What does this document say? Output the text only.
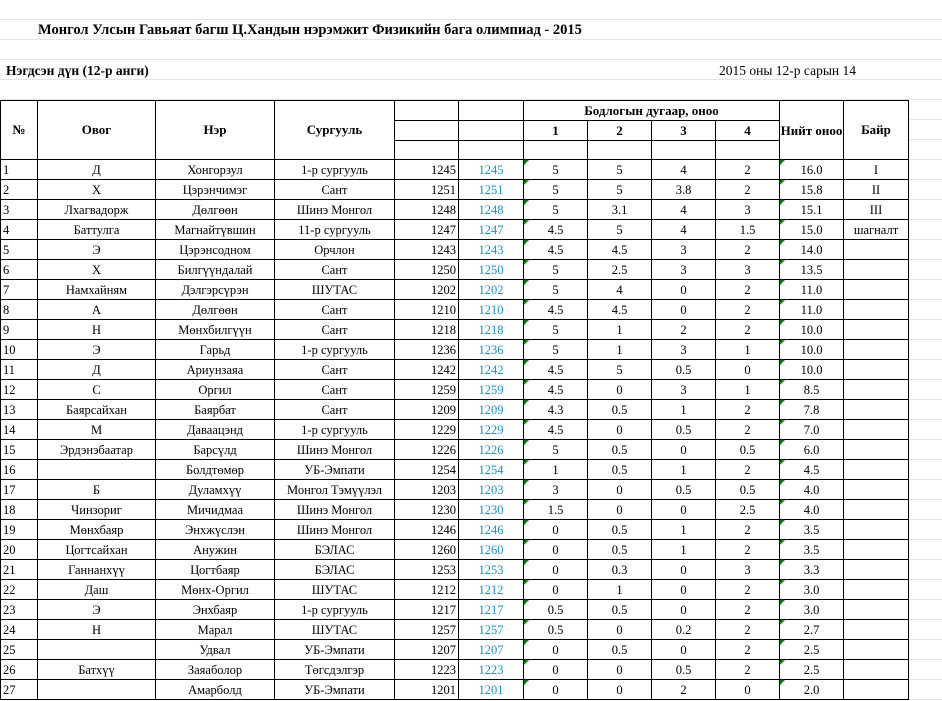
Монгол Улсын Гавьяат багш Ц.Хандын нэрэмжит Физикийн бага олимпиад - 2015
Нэгдсэн дүн (12-р анги)	2015 оны 12-р сарын 14
№	Овог	Нэр	Сургууль			Бодлогын дугаар, оноо				Нийт оноо	Байр
						1	2	3	4		

1	Д	Хонгорзул	1-р сургууль	1245	1245	5	5	4	2	16.0	I
2	Х	Цэрэнчимэг	Сант	1251	1251	5	5	3.8	2	15.8	II
3	Лхагвадорж	Дөлгөөн	Шинэ Монгол	1248	1248	5	3.1	4	3	15.1	III
4	Баттулга	Магнайтүвшин	11-р сургууль	1247	1247	4.5	5	4	1.5	15.0	шагналт
5	Э	Цэрэнсодном	Орчлон	1243	1243	4.5	4.5	3	2	14.0	
6	Х	Билгүүндалай	Сант	1250	1250	5	2.5	3	3	13.5	
7	Намхайням	Дэлгэрсүрэн	ШУТАС	1202	1202	5	4	0	2	11.0	
8	А	Дөлгөөн	Сант	1210	1210	4.5	4.5	0	2	11.0	
9	Н	Мөнхбилгүүн	Сант	1218	1218	5	1	2	2	10.0	
10	Э	Гарьд	1-р сургууль	1236	1236	5	1	3	1	10.0	
11	Д	Ариунзаяа	Сант	1242	1242	4.5	5	0.5	0	10.0	
12	С	Оргил	Сант	1259	1259	4.5	0	3	1	8.5	
13	Баярсайхан	Баярбат	Сант	1209	1209	4.3	0.5	1	2	7.8	
14	М	Даваацэнд	1-р сургууль	1229	1229	4.5	0	0.5	2	7.0	
15	Эрдэнэбаатар	Барсүлд	Шинэ Монгол	1226	1226	5	0.5	0	0.5	6.0	
16		Болдтөмөр	УБ-Эмпати	1254	1254	1	0.5	1	2	4.5	
17	Б	Дуламхүү	Монгол Тэмүүлэл	1203	1203	3	0	0.5	0.5	4.0	
18	Чинзориг	Мичидмаа	Шинэ Монгол	1230	1230	1.5	0	0	2.5	4.0	
19	Мөнхбаяр	Энхжүслэн	Шинэ Монгол	1246	1246	0	0.5	1	2	3.5	
20	Цогтсайхан	Анужин	БЭЛАС	1260	1260	0	0.5	1	2	3.5	
21	Ганнанхүү	Цогтбаяр	БЭЛАС	1253	1253	0	0.3	0	3	3.3	
22	Даш	Мөнх-Оргил	ШУТАС	1212	1212	0	1	0	2	3.0	
23	Э	Энхбаяр	1-р сургууль	1217	1217	0.5	0.5	0	2	3.0	
24	Н	Марал	ШУТАС	1257	1257	0.5	0	0.2	2	2.7	
25		Удвал	УБ-Эмпати	1207	1207	0	0.5	0	2	2.5	
26	Батхүү	Заяаболор	Төгсдэлгэр	1223	1223	0	0	0.5	2	2.5	
27		Амарболд	УБ-Эмпати	1201	1201	0	0	2	0	2.0	
